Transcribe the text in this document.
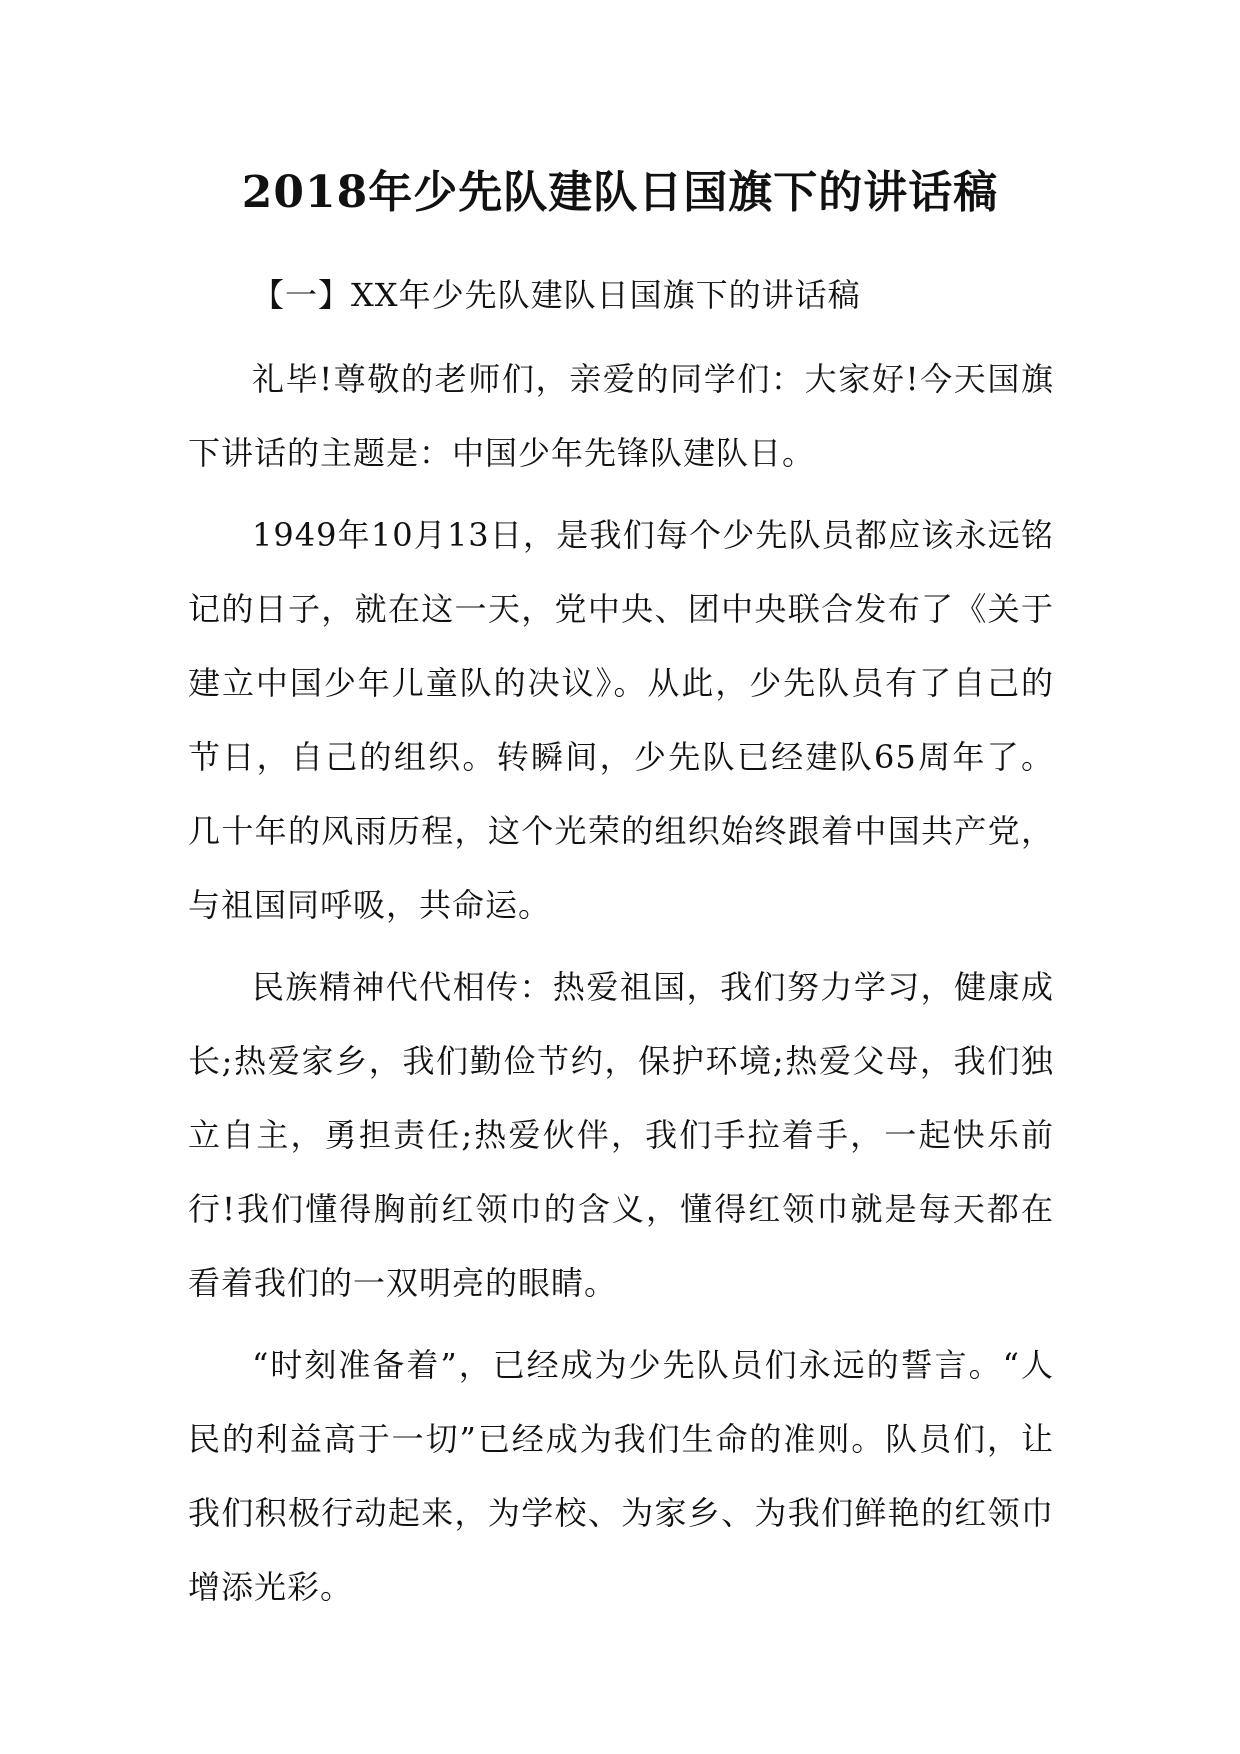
2018年少先队建队日国旗下的讲话稿

【一】XX年少先队建队日国旗下的讲话稿

礼毕!尊敬的老师们，亲爱的同学们：大家好!今天国旗下讲话的主题是：中国少年先锋队建队日。

1949年10月13日，是我们每个少先队员都应该永远铭记的日子，就在这一天，党中央、团中央联合发布了《关于建立中国少年儿童队的决议》。从此，少先队员有了自己的节日，自己的组织。转瞬间，少先队已经建队65周年了。几十年的风雨历程，这个光荣的组织始终跟着中国共产党，与祖国同呼吸，共命运。

民族精神代代相传：热爱祖国，我们努力学习，健康成长;热爱家乡，我们勤俭节约，保护环境;热爱父母，我们独立自主，勇担责任;热爱伙伴，我们手拉着手，一起快乐前行!我们懂得胸前红领巾的含义，懂得红领巾就是每天都在看着我们的一双明亮的眼睛。

“时刻准备着”，已经成为少先队员们永远的誓言。“人民的利益高于一切”已经成为我们生命的准则。队员们，让我们积极行动起来，为学校、为家乡、为我们鲜艳的红领巾增添光彩。
